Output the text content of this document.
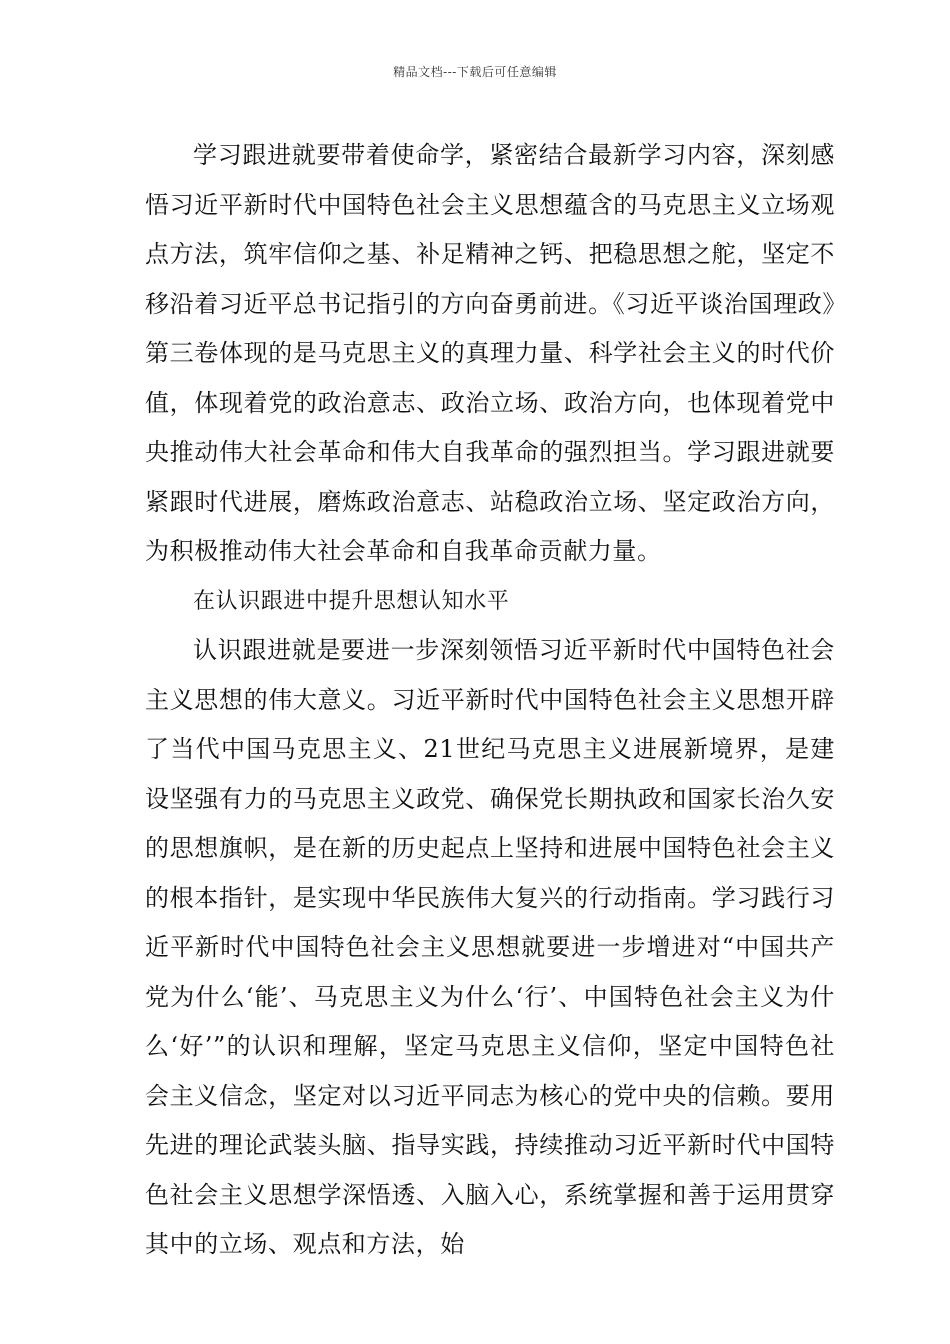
精品文档---下载后可任意编辑

学习跟进就要带着使命学，紧密结合最新学习内容，深刻感悟习近平新时代中国特色社会主义思想蕴含的马克思主义立场观点方法，筑牢信仰之基、补足精神之钙、把稳思想之舵，坚定不移沿着习近平总书记指引的方向奋勇前进。《习近平谈治国理政》第三卷体现的是马克思主义的真理力量、科学社会主义的时代价值，体现着党的政治意志、政治立场、政治方向，也体现着党中央推动伟大社会革命和伟大自我革命的强烈担当。学习跟进就要紧跟时代进展，磨炼政治意志、站稳政治立场、坚定政治方向，为积极推动伟大社会革命和自我革命贡献力量。

在认识跟进中提升思想认知水平

认识跟进就是要进一步深刻领悟习近平新时代中国特色社会主义思想的伟大意义。习近平新时代中国特色社会主义思想开辟了当代中国马克思主义、21世纪马克思主义进展新境界，是建设坚强有力的马克思主义政党、确保党长期执政和国家长治久安的思想旗帜，是在新的历史起点上坚持和进展中国特色社会主义的根本指针，是实现中华民族伟大复兴的行动指南。学习践行习近平新时代中国特色社会主义思想就要进一步增进对“中国共产党为什么‘能’、马克思主义为什么‘行’、中国特色社会主义为什么‘好’”的认识和理解，坚定马克思主义信仰，坚定中国特色社会主义信念，坚定对以习近平同志为核心的党中央的信赖。要用先进的理论武装头脑、指导实践，持续推动习近平新时代中国特色社会主义思想学深悟透、入脑入心，系统掌握和善于运用贯穿其中的立场、观点和方法，始
